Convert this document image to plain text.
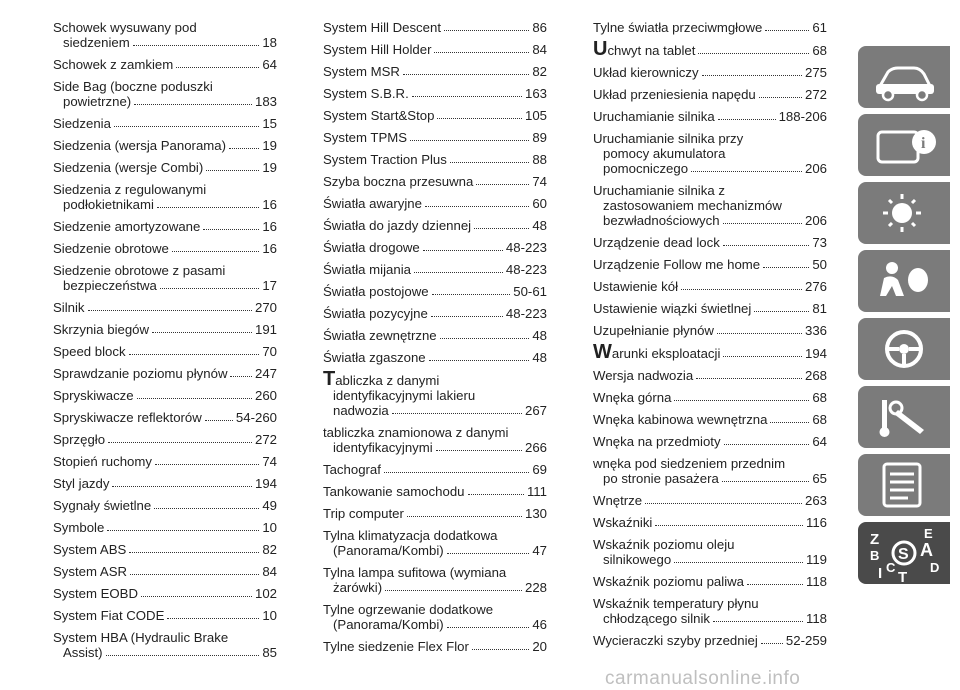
Schowek wysuwany pod
siedzeniem	18
Schowek z zamkiem	64
Side Bag (boczne poduszki
powietrzne)	183
Siedzenia	15
Siedzenia (wersja Panorama)	19
Siedzenia (wersje Combi)	19
Siedzenia z regulowanymi
podłokietnikami	16
Siedzenie amortyzowane	16
Siedzenie obrotowe	16
Siedzenie obrotowe z pasami
bezpieczeństwa	17
Silnik	270
Skrzynia biegów	191
Speed block	70
Sprawdzanie poziomu płynów 247
Spryskiwacze	260
Spryskiwacze reflektorów	54-260
Sprzęgło	272
Stopień ruchomy	74
Styl jazdy	194
Sygnały świetlne	49
Symbole	10
System ABS	82
System ASR	84
System EOBD	102
System Fiat CODE	10
System HBA (Hydraulic Brake
Assist)	85
System Hill Descent	86
System Hill Holder	84
System MSR	82
System S.B.R.	163
System Start&Stop	105
System TPMS	89
System Traction Plus	88
Szyba boczna przesuwna	74
Światła awaryjne	60
Światła do jazdy dziennej	48
Światła drogowe	48-223
Światła mijania	48-223
Światła postojowe	50-61
Światła pozycyjne	48-223
Światła zewnętrzne	48
Światła zgaszone	48
Tabliczka z danymi
identyfikacyjnymi lakieru
nadwozia	267
tabliczka znamionowa z danymi
identyfikacyjnymi	266
Tachograf	69
Tankowanie samochodu	111
Trip computer	130
Tylna klimatyzacja dodatkowa
(Panorama/Kombi)	47
Tylna lampa sufitowa (wymiana
żarówki)	228
Tylne ogrzewanie dodatkowe
(Panorama/Kombi)	46
Tylne siedzenie Flex Flor	20
Tylne światła przeciwmgłowe	61
Uchwyt na tablet	68
Układ kierowniczy	275
Układ przeniesienia napędu	272
Uruchamianie silnika	188-206
Uruchamianie silnika przy
pomocy akumulatora
pomocniczego	206
Uruchamianie silnika z
zastosowaniem mechanizmów
bezwładnościowych	206
Urządzenie dead lock	73
Urządzenie Follow me home	50
Ustawienie kół	276
Ustawienie wiązki świetlnej	81
Uzupełnianie płynów	336
Warunki eksploatacji	194
Wersja nadwozia	268
Wnęka górna	68
Wnęka kabinowa wewnętrzna	68
Wnęka na przedmioty	64
wnęka pod siedzeniem przednim
po stronie pasażera	65
Wnętrze	263
Wskaźniki	116
Wskaźnik poziomu oleju
silnikowego	119
Wskaźnik poziomu paliwa	118
Wskaźnik temperatury płynu
chłodzącego silnik	118
Wycieraczki szyby przedniej 52-259
i
Z	E
S A
B
D
I C
T
carmanualsonline.info
